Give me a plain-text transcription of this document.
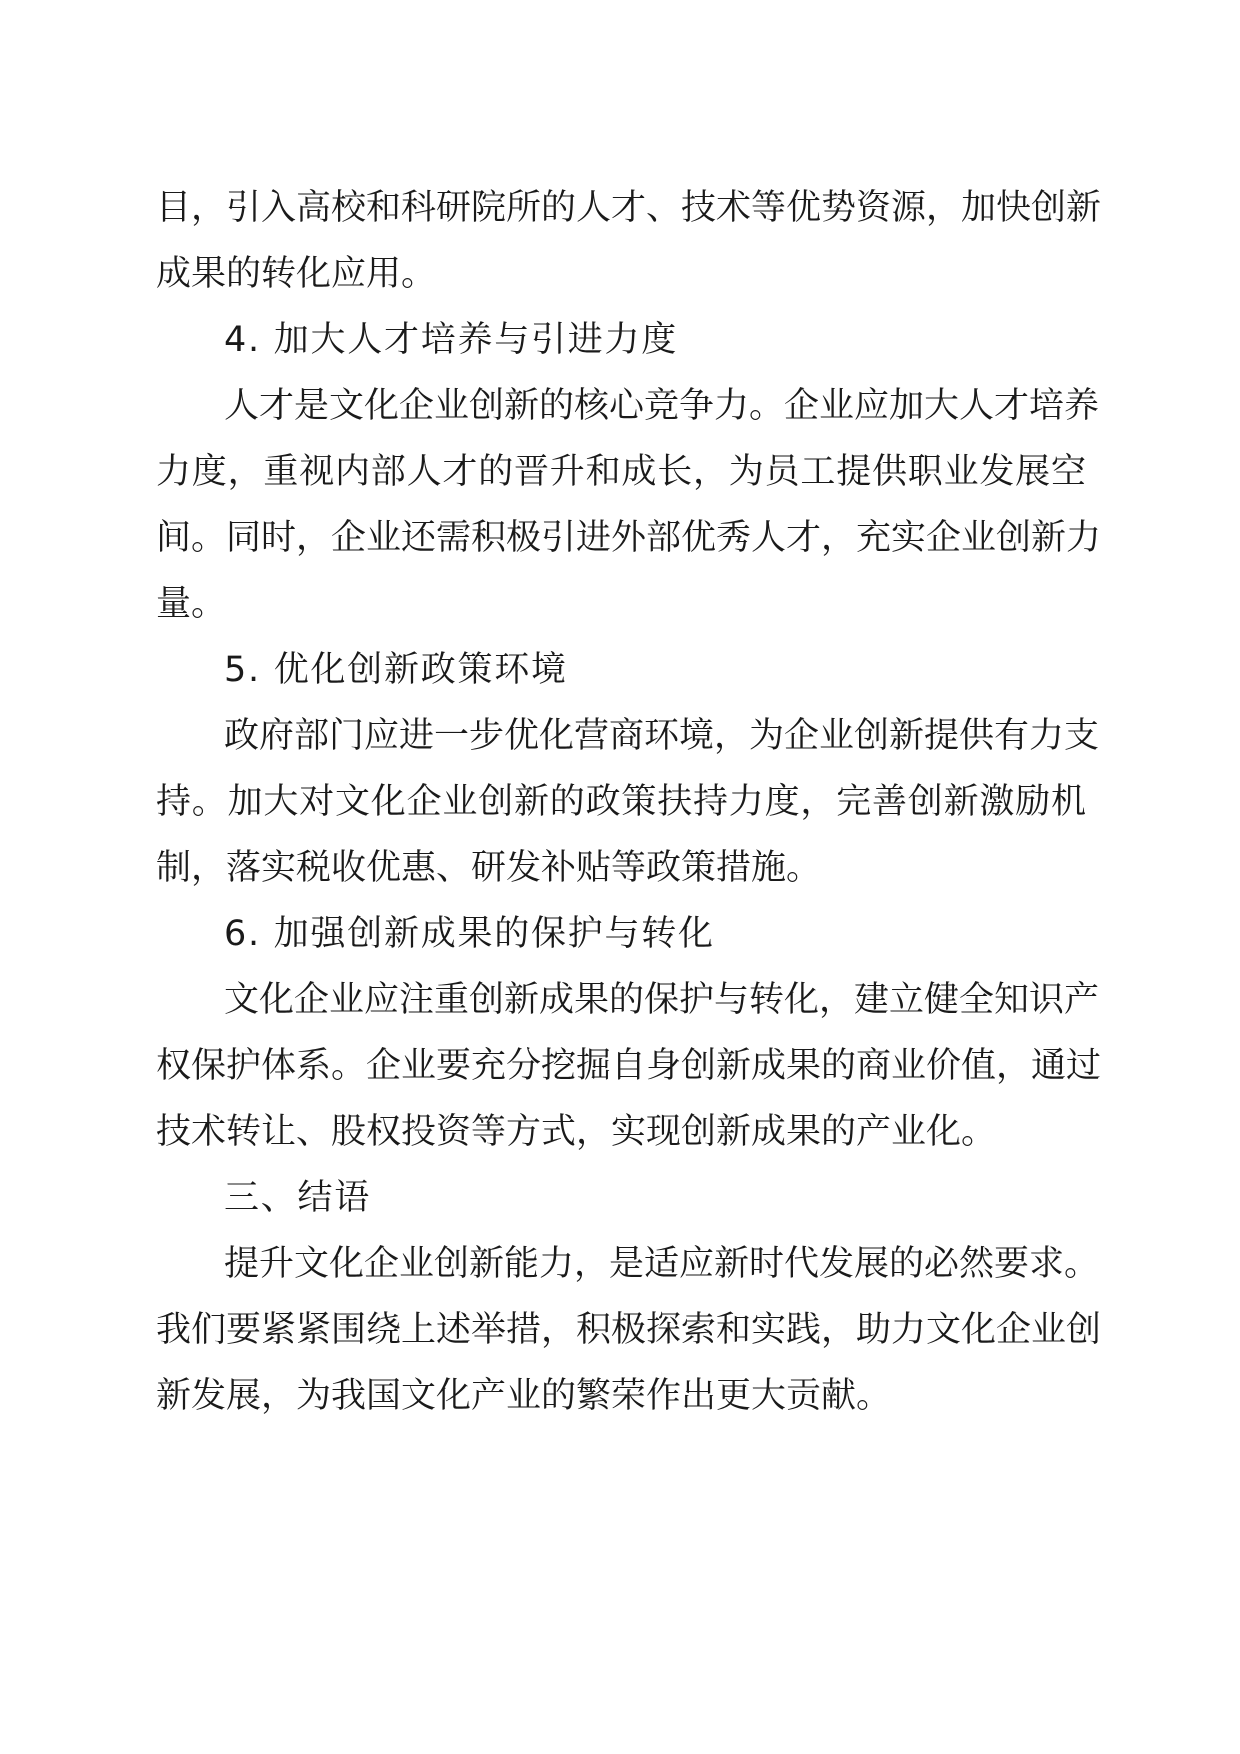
目，引入高校和科研院所的人才、技术等优势资源，加快创新
成果的转化应用。
4. 加大人才培养与引进力度
人才是文化企业创新的核心竞争力。企业应加大人才培养
力度，重视内部人才的晋升和成长，为员工提供职业发展空
间。同时，企业还需积极引进外部优秀人才，充实企业创新力
量。
5. 优化创新政策环境
政府部门应进一步优化营商环境，为企业创新提供有力支
持。加大对文化企业创新的政策扶持力度，完善创新激励机
制，落实税收优惠、研发补贴等政策措施。
6. 加强创新成果的保护与转化
文化企业应注重创新成果的保护与转化，建立健全知识产
权保护体系。企业要充分挖掘自身创新成果的商业价值，通过
技术转让、股权投资等方式，实现创新成果的产业化。
三、结语
提升文化企业创新能力，是适应新时代发展的必然要求。
我们要紧紧围绕上述举措，积极探索和实践，助力文化企业创
新发展，为我国文化产业的繁荣作出更大贡献。
